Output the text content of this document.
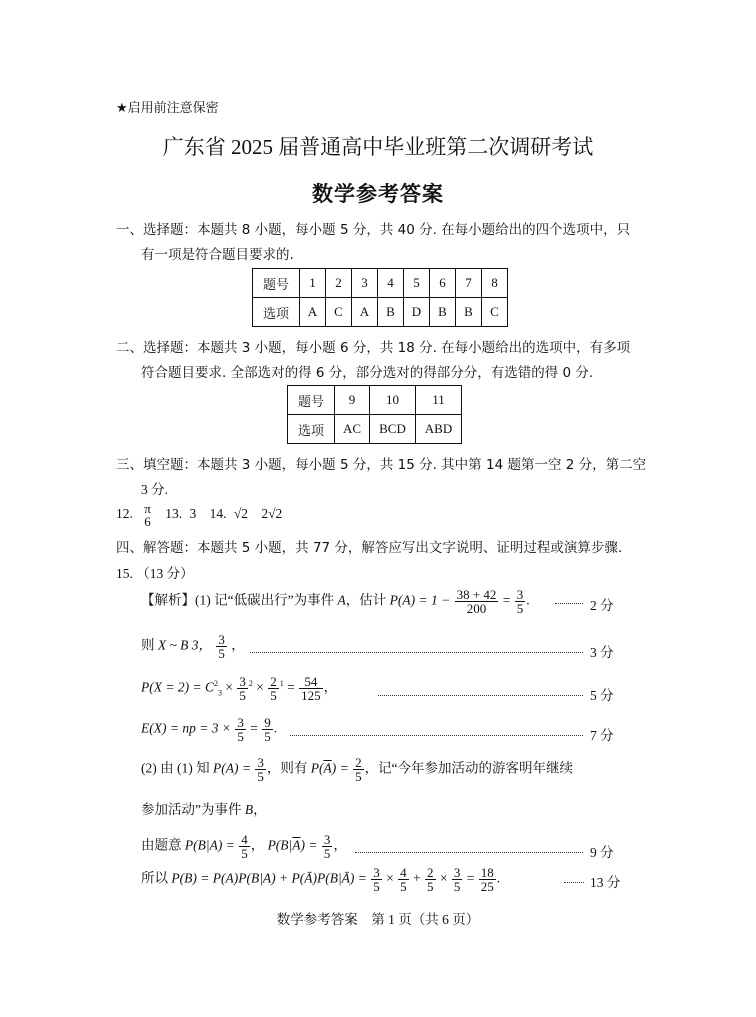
★启用前注意保密
广东省 2025 届普通高中毕业班第二次调研考试
数学参考答案
一、选择题：本题共 8 小题，每小题 5 分，共 40 分. 在每小题给出的四个选项中，只
有一项是符合题目要求的.
题号	1	2	3	4	5	6	7	8
选项	A	C	A	B	D	B	B	C
二、选择题：本题共 3 小题，每小题 6 分，共 18 分. 在每小题给出的选项中，有多项
符合题目要求. 全部选对的得 6 分，部分选对的得部分分，有选错的得 0 分.
题号	9	10	11
选项	AC	BCD	ABD
三、填空题：本题共 3 小题，每小题 5 分，共 15 分. 其中第 14 题第一空 2 分，第二空
3 分.
12. π
6
13. 3 14. √2 2√2
四、解答题：本题共 5 小题，共 77 分，解答应写出文字说明、证明过程或演算步骤.
15. （13 分）
【解析】(1) 记“低碳出行”为事件 A，估计 $P(A) = 1 - \frac{38 + 42}{200} = \frac{3}{5}$ .	2 分
则 X ~ B 3， $\frac{3}{5}$ ，	3 分
$P(X = 2) = C^2_3 \times \frac{3}{5} ^2 \times \frac{2}{5} ^1 = \frac{54}{125}$ ，
5 分
E(X) = np = $3 \times \frac{3}{5} = \frac{9}{5}$ .	7 分
(2) 由 (1) 知 $P(A) = \frac{3}{5}$ ，则有 $P(\overline{A}) = \frac{2}{5}$ ，记“今年参加活动的游客明年继续
参加活动”为事件 B，
由题意 $P(B|A) = \frac{4}{5}$ ， $P(B|\overline{A}) = \frac{3}{5}$ ，	9 分
所以 P(B) = P(A)P(B|A) + P(Ā)P(B|Ā) = $\frac{3}{5} \times \frac{4}{5} + \frac{2}{5} \times \frac{3}{5} = \frac{18}{25}$ .	13 分
数学参考答案　第 1 页（共 6 页）
